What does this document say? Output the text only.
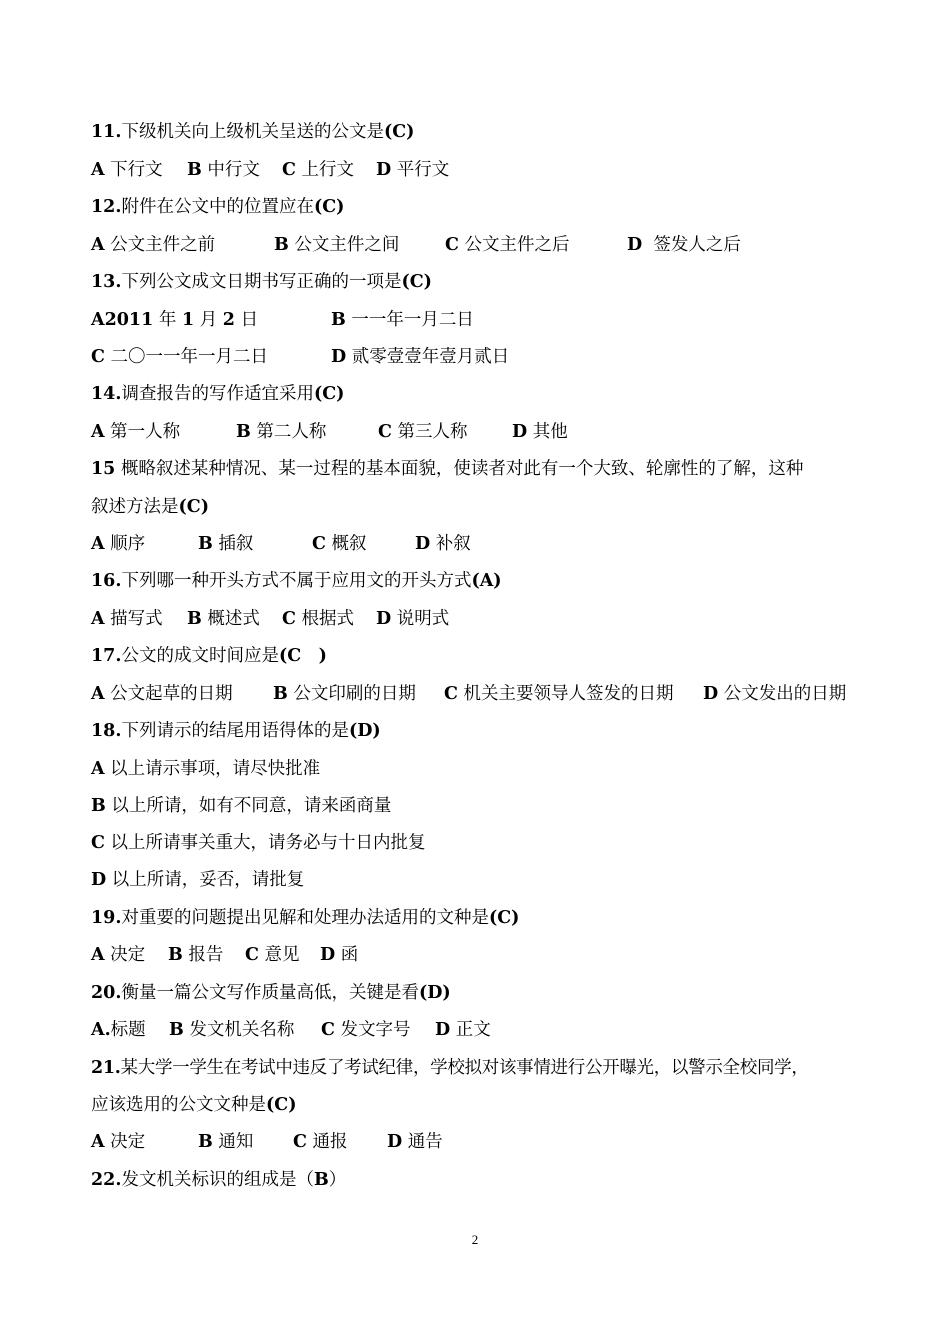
11.下级机关向上级机关呈送的公文是(C)
A 下行文 B 中行文 C 上行文 D 平行文
12.附件在公文中的位置应在(C)
A 公文主件之前	B 公文主件之间	C 公文主件之后	D 签发人之后
13.下列公文成文日期书写正确的一项是(C)
A2011 年 1 月 2 日	B 一一年一月二日
C 二〇一一年一月二日	D 贰零壹壹年壹月贰日
14.调查报告的写作适宜采用(C)
A 第一人称	B 第二人称	C 第三人称	D 其他
15 概略叙述某种情况、某一过程的基本面貌，使读者对此有一个大致、轮廓性的了解，这种
叙述方法是(C)
A 顺序	B 插叙	C 概叙	D 补叙
16.下列哪一种开头方式不属于应用文的开头方式(A)
A 描写式 B 概述式 C 根据式 D 说明式
17.公文的成文时间应是(C　)
A 公文起草的日期 B 公文印刷的日期 C 机关主要领导人签发的日期 D 公文发出的日期
18.下列请示的结尾用语得体的是(D)
A 以上请示事项，请尽快批准
B 以上所请，如有不同意，请来函商量
C 以上所请事关重大，请务必与十日内批复
D 以上所请，妥否，请批复
19.对重要的问题提出见解和处理办法适用的文种是(C)
A 决定 B 报告 C 意见 D 函
20.衡量一篇公文写作质量高低，关键是看(D)
A.标题 B 发文机关名称 C 发文字号 D 正文
21.某大学一学生在考试中违反了考试纪律，学校拟对该事情进行公开曝光，以警示全校同学，
应该选用的公文文种是(C)
A 决定	B 通知 C 通报 D 通告
22.发文机关标识的组成是（B）
2
